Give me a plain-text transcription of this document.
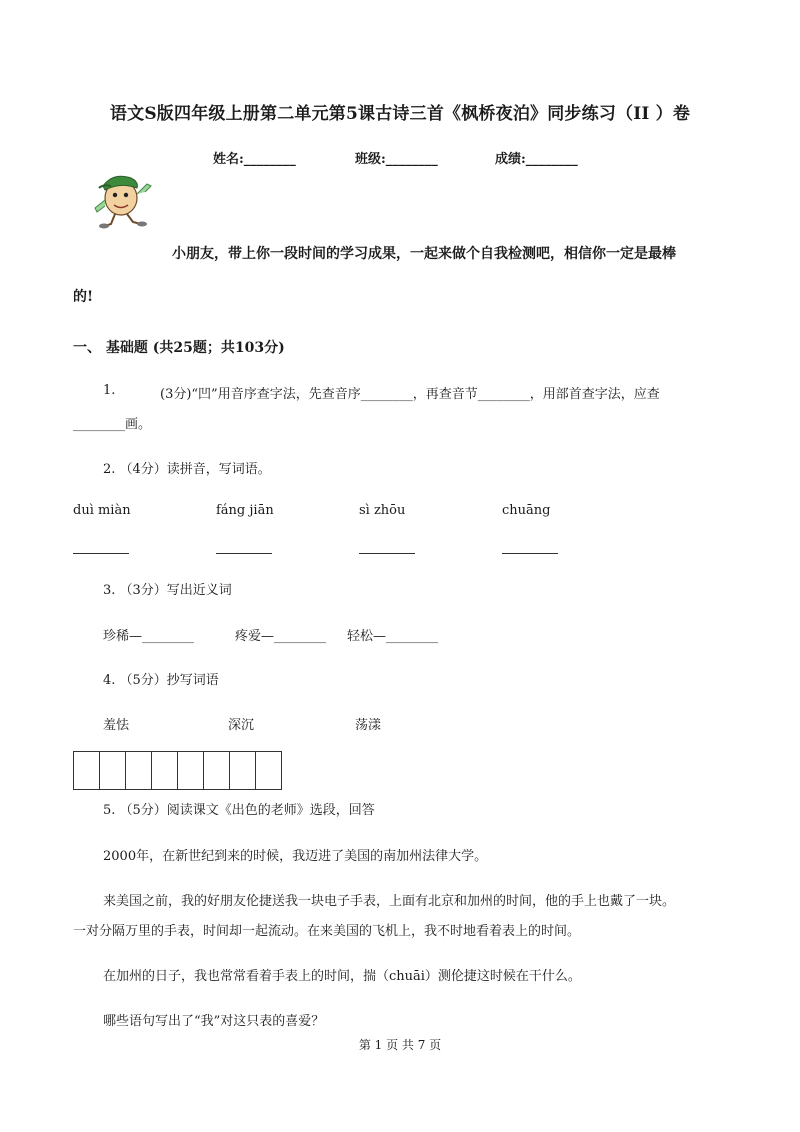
语文S版四年级上册第二单元第5课古诗三首《枫桥夜泊》同步练习（II ）卷
姓名:________	班级:________	成绩:________
小朋友，带上你一段时间的学习成果，一起来做个自我检测吧，相信你一定是最棒
的!
一、 基础题 (共25题；共103分)
1.	(3分)“凹”用音序查字法，先查音序________，再查音节________，用部首查字法，应查
________画。
2. （4分）读拼音，写词语。
duì miàn	fáng jiān	sì zhōu	chuāng
3. （3分）写出近义词
珍稀—________	疼爱—________ 轻松—________
4. （5分）抄写词语
羞怯	深沉	荡漾
5. （5分）阅读课文《出色的老师》选段，回答
2000年，在新世纪到来的时候，我迈进了美国的南加州法律大学。
来美国之前，我的好朋友伦捷送我一块电子手表，上面有北京和加州的时间，他的手上也戴了一块。
一对分隔万里的手表，时间却一起流动。在来美国的飞机上，我不时地看着表上的时间。
在加州的日子，我也常常看着手表上的时间，揣（chuāi）测伦捷这时候在干什么。
哪些语句写出了“我”对这只表的喜爱？
第 1 页 共 7 页
